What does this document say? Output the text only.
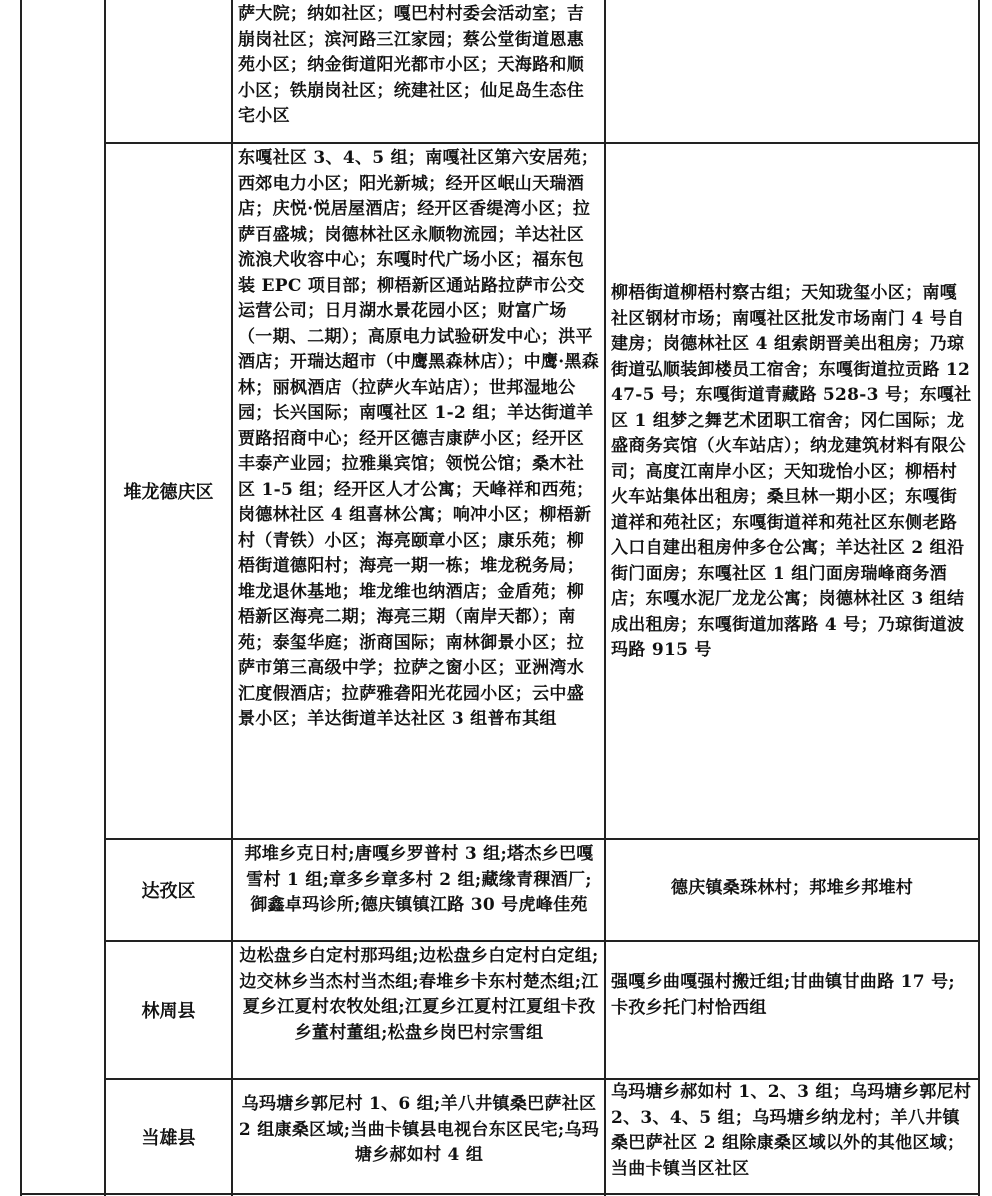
萨大院；纳如社区；嘎巴村村委会活动室；吉崩岗社区；滨河路三江家园；蔡公堂街道恩惠苑小区；纳金街道阳光都市小区；天海路和顺小区；铁崩岗社区；统建社区；仙足岛生态住宅小区

堆龙德庆区

东嘎社区 3、4、5 组；南嘎社区第六安居苑；西郊电力小区；阳光新城；经开区岷山天瑞酒店；庆悦·悦居屋酒店；经开区香缇湾小区；拉萨百盛城；岗德林社区永顺物流园；羊达社区流浪犬收容中心；东嘎时代广场小区；福东包装 EPC 项目部；柳梧新区通站路拉萨市公交运营公司；日月湖水景花园小区；财富广场（一期、二期）；高原电力试验研发中心；洪平酒店；开瑞达超市（中鹰黑森林店）；中鹰·黑森林；丽枫酒店（拉萨火车站店）；世邦湿地公园；长兴国际；南嘎社区 1-2 组；羊达街道羊贾路招商中心；经开区德吉康萨小区；经开区丰泰产业园；拉雅巢宾馆；领悦公馆；桑木社区 1-5 组；经开区人才公寓；天峰祥和西苑；岗德林社区 4 组喜林公寓；响冲小区；柳梧新村（青铁）小区；海亮颐章小区；康乐苑；柳梧街道德阳村；海亮一期一栋；堆龙税务局；堆龙退休基地；堆龙维也纳酒店；金盾苑；柳梧新区海亮二期；海亮三期（南岸天都）；南苑；泰玺华庭；浙商国际；南林御景小区；拉萨市第三高级中学；拉萨之窗小区；亚洲湾水汇度假酒店；拉萨雅砻阳光花园小区；云中盛景小区；羊达街道羊达社区 3 组普布其组

柳梧街道柳梧村察古组；天知珑玺小区；南嘎社区钢材市场；南嘎社区批发市场南门 4 号自建房；岗德林社区 4 组索朗晋美出租房；乃琼街道弘顺装卸楼员工宿舍；东嘎街道拉贡路 1247-5 号；东嘎街道青藏路 528-3 号；东嘎社区 1 组梦之舞艺术团职工宿舍；冈仁国际；龙盛商务宾馆（火车站店）；纳龙建筑材料有限公司；高度江南岸小区；天知珑怡小区；柳梧村火车站集体出租房；桑旦林一期小区；东嘎街道祥和苑社区；东嘎街道祥和苑社区东侧老路入口自建出租房仲多仓公寓；羊达社区 2 组沿街门面房；东嘎社区 1 组门面房瑞峰商务酒店；东嘎水泥厂龙龙公寓；岗德林社区 3 组结成出租房；东嘎街道加落路 4 号；乃琼街道波玛路 915 号

达孜区

邦堆乡克日村;唐嘎乡罗普村 3 组;塔杰乡巴嘎雪村 1 组;章多乡章多村 2 组;藏缘青稞酒厂;御鑫卓玛诊所;德庆镇镇江路 30 号虎峰佳苑

德庆镇桑珠林村；邦堆乡邦堆村

林周县

边松盘乡白定村那玛组;边松盘乡白定村白定组;边交林乡当杰村当杰组;春堆乡卡东村楚杰组;江夏乡江夏村农牧处组;江夏乡江夏村江夏组卡孜乡董村董组;松盘乡岗巴村宗雪组

强嘎乡曲嘎强村搬迁组;甘曲镇甘曲路 17 号; 卡孜乡托门村恰西组

当雄县

乌玛塘乡郭尼村 1、6 组;羊八井镇桑巴萨社区 2 组康桑区域;当曲卡镇县电视台东区民宅;乌玛塘乡郝如村 4 组

乌玛塘乡郝如村 1、2、3 组；乌玛塘乡郭尼村 2、3、4、5 组；乌玛塘乡纳龙村；羊八井镇桑巴萨社区 2 组除康桑区域以外的其他区域；当曲卡镇当区社区
